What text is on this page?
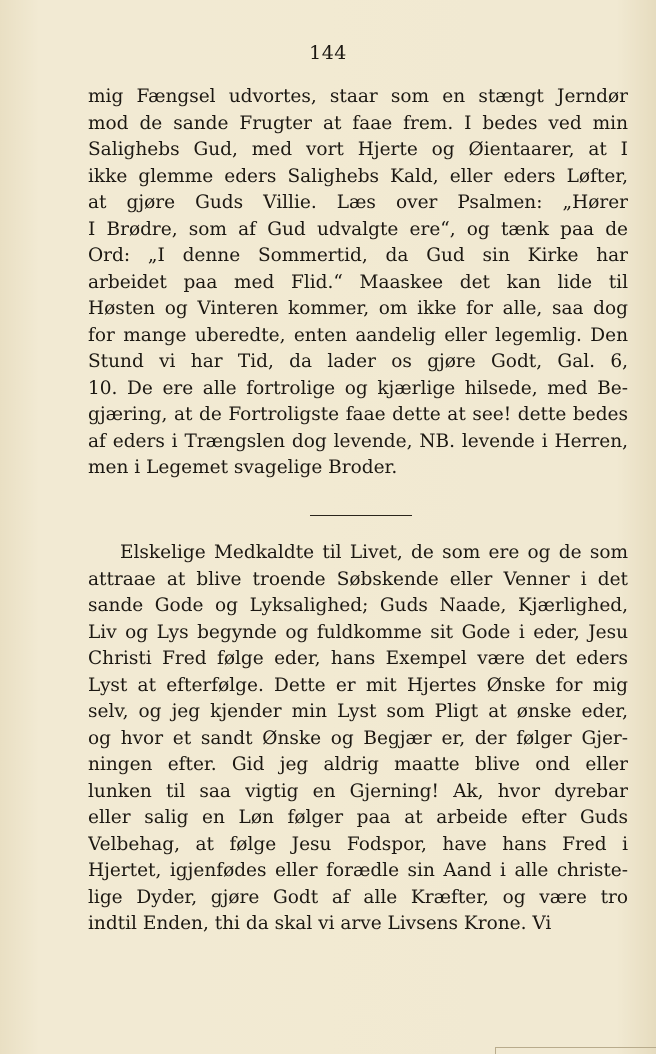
144
mig Fængsel udvortes, staar som en stængt Jerndør
mod de sande Frugter at faae frem. I bedes ved min
Salighebs Gud, med vort Hjerte og Øientaarer, at I
ikke glemme eders Salighebs Kald, eller eders Løfter,
at gjøre Guds Villie. Læs over Psalmen: „Hører
I Brødre, som af Gud udvalgte ere“, og tænk paa de
Ord: „I denne Sommertid, da Gud sin Kirke har
arbeidet paa med Flid.“ Maaskee det kan lide til
Høsten og Vinteren kommer, om ikke for alle, saa dog
for mange uberedte, enten aandelig eller legemlig. Den
Stund vi har Tid, da lader os gjøre Godt, Gal. 6,
10. De ere alle fortrolige og kjærlige hilsede, med Be-
gjæring, at de Fortroligste faae dette at see! dette bedes
af eders i Trængslen dog levende, NB. levende i Herren,
men i Legemet svagelige Broder.
Elskelige Medkaldte til Livet, de som ere og de som
attraae at blive troende Søbskende eller Venner i det
sande Gode og Lyksalighed; Guds Naade, Kjærlighed,
Liv og Lys begynde og fuldkomme sit Gode i eder, Jesu
Christi Fred følge eder, hans Exempel være det eders
Lyst at efterfølge. Dette er mit Hjertes Ønske for mig
selv, og jeg kjender min Lyst som Pligt at ønske eder,
og hvor et sandt Ønske og Begjær er, der følger Gjer-
ningen efter. Gid jeg aldrig maatte blive ond eller
lunken til saa vigtig en Gjerning! Ak, hvor dyrebar
eller salig en Løn følger paa at arbeide efter Guds
Velbehag, at følge Jesu Fodspor, have hans Fred i
Hjertet, igjenfødes eller forædle sin Aand i alle christe-
lige Dyder, gjøre Godt af alle Kræfter, og være tro
indtil Enden, thi da skal vi arve Livsens Krone. Vi
